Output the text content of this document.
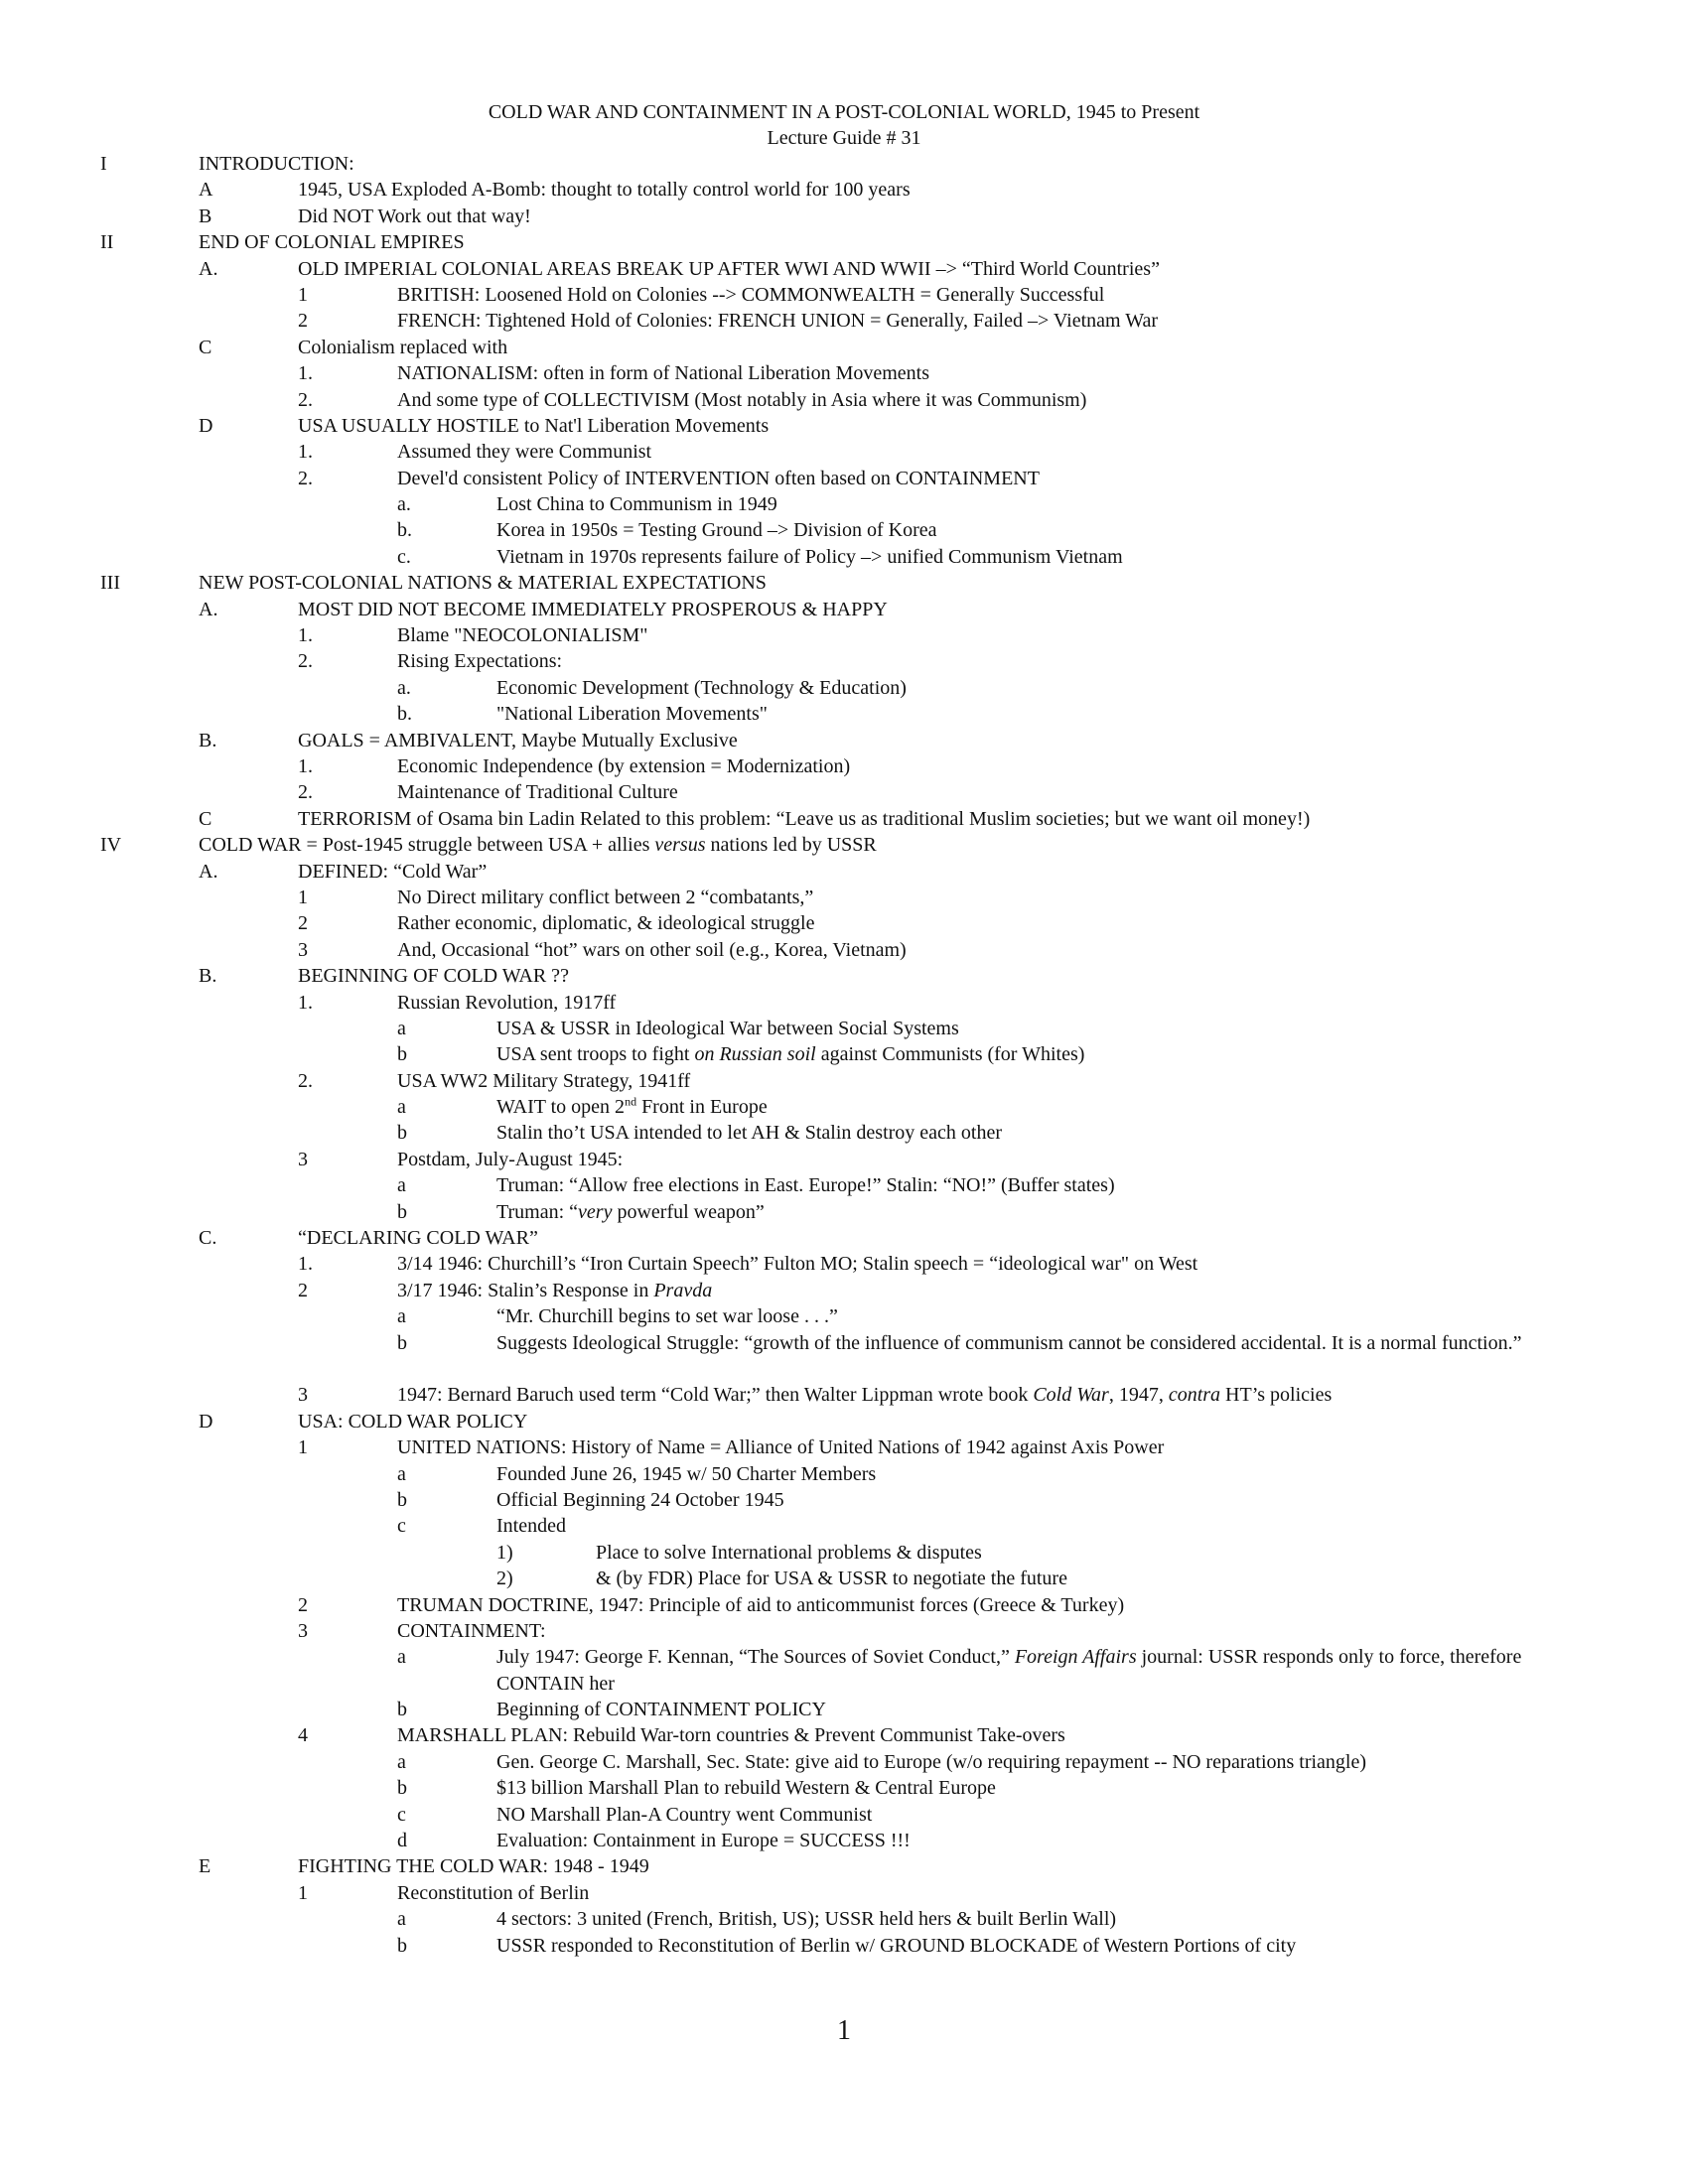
COLD WAR AND CONTAINMENT IN A POST-COLONIAL WORLD, 1945 to Present
Lecture Guide # 31
I	INTRODUCTION:
A	1945, USA Exploded A-Bomb: thought to totally control world for 100 years
B	Did NOT Work out that way!
II	END OF COLONIAL EMPIRES
A.	OLD IMPERIAL COLONIAL AREAS BREAK UP AFTER WWI AND WWII –> “Third World Countries”
1	BRITISH: Loosened Hold on Colonies --> COMMONWEALTH = Generally Successful
2	FRENCH: Tightened Hold of Colonies: FRENCH UNION = Generally, Failed –> Vietnam War
C	Colonialism replaced with
1.	NATIONALISM: often in form of National Liberation Movements
2.	And some type of COLLECTIVISM (Most notably in Asia where it was Communism)
D	USA USUALLY HOSTILE to Nat'l Liberation Movements
1.	Assumed they were Communist
2.	Devel'd consistent Policy of INTERVENTION often based on CONTAINMENT
a.	Lost China to Communism in 1949
b.	Korea in 1950s = Testing Ground –> Division of Korea
c.	Vietnam in 1970s represents failure of Policy –> unified Communism Vietnam
III	NEW POST-COLONIAL NATIONS & MATERIAL EXPECTATIONS
A.	MOST DID NOT BECOME IMMEDIATELY PROSPEROUS & HAPPY
1.	Blame "NEOCOLONIALISM"
2.	Rising Expectations:
a.	Economic Development (Technology & Education)
b.	"National Liberation Movements"
B.	GOALS = AMBIVALENT, Maybe Mutually Exclusive
1.	Economic Independence (by extension = Modernization)
2.	Maintenance of Traditional Culture
C	TERRORISM of Osama bin Ladin Related to this problem: “Leave us as traditional Muslim societies; but we want oil money!)
IV	COLD WAR = Post-1945 struggle between USA + allies versus nations led by USSR
A.	DEFINED: “Cold War”
1	No Direct military conflict between 2 “combatants,”
2	Rather economic, diplomatic, & ideological struggle
3	And, Occasional “hot” wars on other soil (e.g., Korea, Vietnam)
B.	BEGINNING OF COLD WAR ??
1.	Russian Revolution, 1917ff
a	USA & USSR in Ideological War between Social Systems
b	USA sent troops to fight on Russian soil against Communists (for Whites)
2.	USA WW2 Military Strategy, 1941ff
a	WAIT to open 2nd Front in Europe
b	Stalin tho’t USA intended to let AH & Stalin destroy each other
3	Postdam, July-August 1945:
a	Truman: “Allow free elections in East. Europe!” Stalin: “NO!” (Buffer states)
b	Truman: “very powerful weapon”
C.	“DECLARING COLD WAR”
1.	3/14 1946: Churchill’s “Iron Curtain Speech” Fulton MO; Stalin speech = “ideological war" on West
2	3/17 1946: Stalin’s Response in Pravda
a	“Mr. Churchill begins to set war loose . . .”
b	Suggests Ideological Struggle: “growth of the influence of communism cannot be considered accidental. It is a normal function.”
3	1947: Bernard Baruch used term “Cold War;” then Walter Lippman wrote book Cold War, 1947, contra HT’s policies
D	USA: COLD WAR POLICY
1	UNITED NATIONS: History of Name = Alliance of United Nations of 1942 against Axis Power
a	Founded June 26, 1945 w/ 50 Charter Members
b	Official Beginning 24 October 1945
c	Intended
1)	Place to solve International problems & disputes
2)	& (by FDR) Place for USA & USSR to negotiate the future
2	TRUMAN DOCTRINE, 1947: Principle of aid to anticommunist forces (Greece & Turkey)
3	CONTAINMENT:
a	July 1947: George F. Kennan, “The Sources of Soviet Conduct,” Foreign Affairs journal: USSR responds only to force, therefore CONTAIN her
b	Beginning of CONTAINMENT POLICY
4	MARSHALL PLAN: Rebuild War-torn countries & Prevent Communist Take-overs
a	Gen. George C. Marshall, Sec. State: give aid to Europe (w/o requiring repayment -- NO reparations triangle)
b	$13 billion Marshall Plan to rebuild Western & Central Europe
c	NO Marshall Plan-A Country went Communist
d	Evaluation: Containment in Europe = SUCCESS !!!
E	FIGHTING THE COLD WAR: 1948 - 1949
1	Reconstitution of Berlin
a	4 sectors: 3 united (French, British, US); USSR held hers & built Berlin Wall)
b	USSR responded to Reconstitution of Berlin w/ GROUND BLOCKADE of Western Portions of city
1
